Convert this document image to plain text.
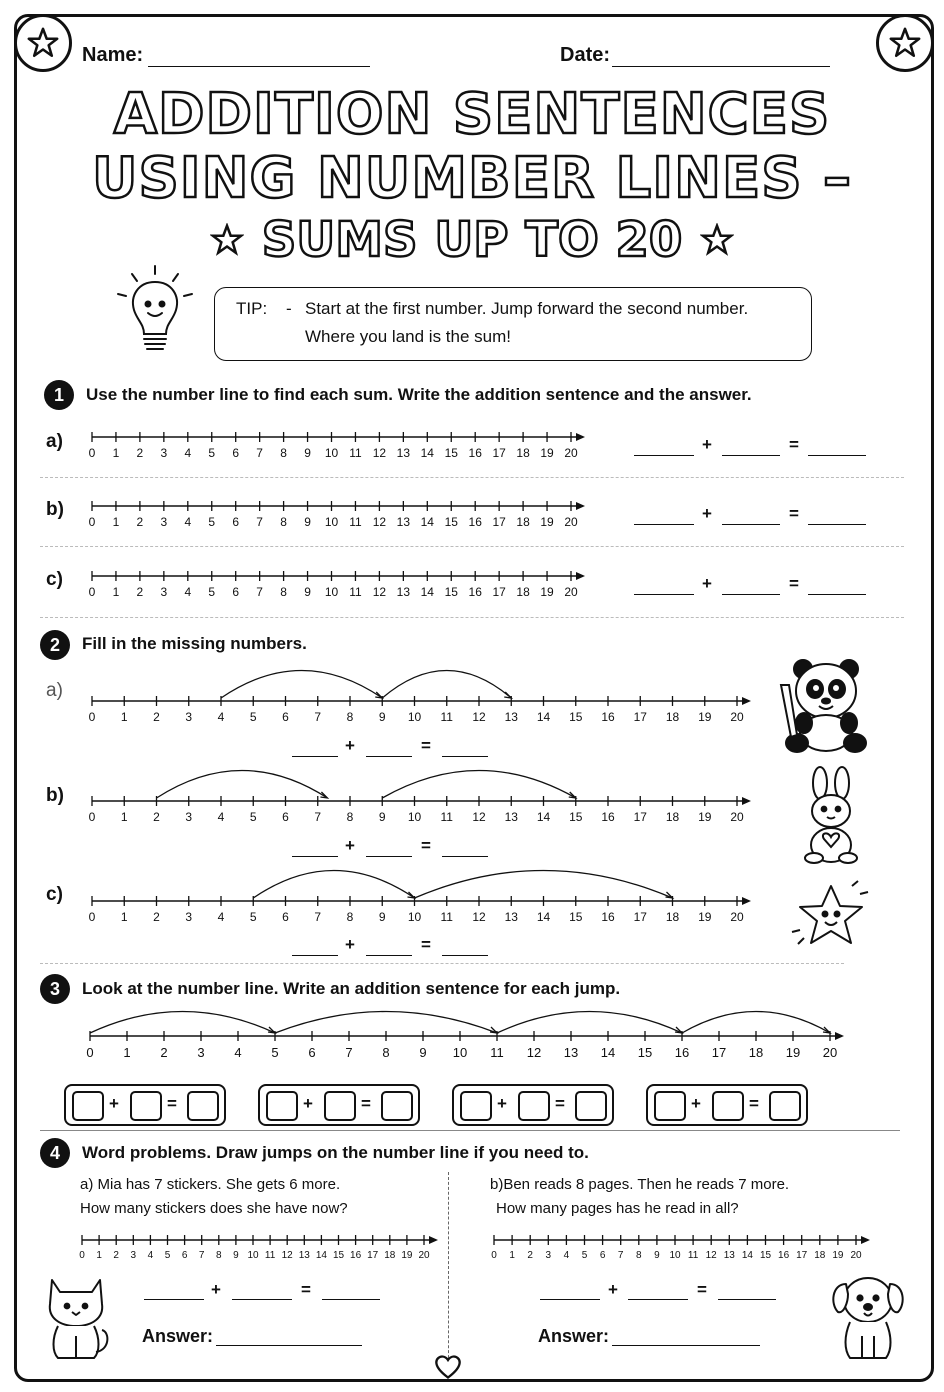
Name:	Date:
ADDITION SENTENCES
USING NUMBER LINES –
SUMS UP TO 20
TIP: - Start at the first number. Jump forward the second number.
Where you land is the sum!
1	Use the number line to find each sum. Write the addition sentence and the answer.
a)
b)
c)
0 1 2 3 4 5 6 7 8 9 10 11 12 13 14 15 16 17 18 19 20
0 1 2 3 4 5 6 7 8 9 10 11 12 13 14 15 16 17 18 19 20
0 1 2 3 4 5 6 7 8 9 10 11 12 13 14 15 16 17 18 19 20
+	=
+	=
+	=
2	Fill in the missing numbers.
a)
b)
c)
0 1 2 3 4 5 6 7 8 9 10 11 12 13 14 15 16 17 18 19 20
0 1 2 3 4 5 6 7 8 9 10 11 12 13 14 15 16 17 18 19 20
0 1 2 3 4 5 6 7 8 9 10 11 12 13 14 15 16 17 18 19 20
+	=
+	=
+	=
3	Look at the number line. Write an addition sentence for each jump.
0 1 2 3 4 5 6 7 8 9 10 11 12 13 14 15 16 17 18 19 20
+	=	+	=	+	=	+	=
4	Word problems. Draw jumps on the number line if you need to.
a) Mia has 7 stickers. She gets 6 more.
How many stickers does she have now?
b)Ben reads 8 pages. Then he reads 7 more.
How many pages has he read in all?
0 1 2 3 4 5 6 7 8 9 10 11 12 13 14 15 16 17 18 19 20	0 1 2 3 4 5 6 7 8 9 10 11 12 13 14 15 16 17 18 19 20
+	=	+	=
Answer:	Answer:
